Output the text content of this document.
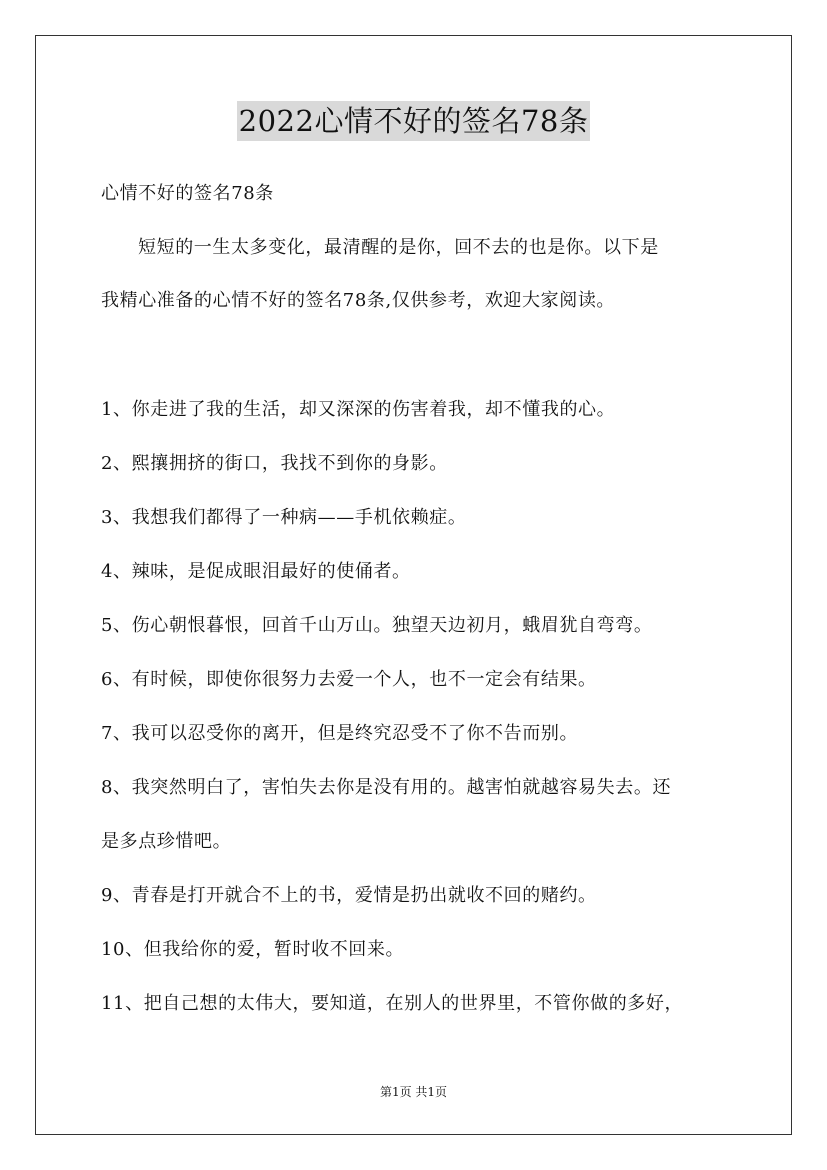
2022心情不好的签名78条
心情不好的签名78条
短短的一生太多变化，最清醒的是你，回不去的也是你。以下是
我精心准备的心情不好的签名78条,仅供参考，欢迎大家阅读。
1、你走进了我的生活，却又深深的伤害着我，却不懂我的心。
2、熙攘拥挤的街口，我找不到你的身影。
3、我想我们都得了一种病——手机依赖症。
4、辣味，是促成眼泪最好的使俑者。
5、伤心朝恨暮恨，回首千山万山。独望天边初月，蛾眉犹自弯弯。
6、有时候，即使你很努力去爱一个人，也不一定会有结果。
7、我可以忍受你的离开，但是终究忍受不了你不告而别。
8、我突然明白了，害怕失去你是没有用的。越害怕就越容易失去。还
是多点珍惜吧。
9、青春是打开就合不上的书，爱情是扔出就收不回的赌约。
10、但我给你的爱，暂时收不回来。
11、把自己想的太伟大，要知道，在别人的世界里，不管你做的多好，
第1页 共1页
